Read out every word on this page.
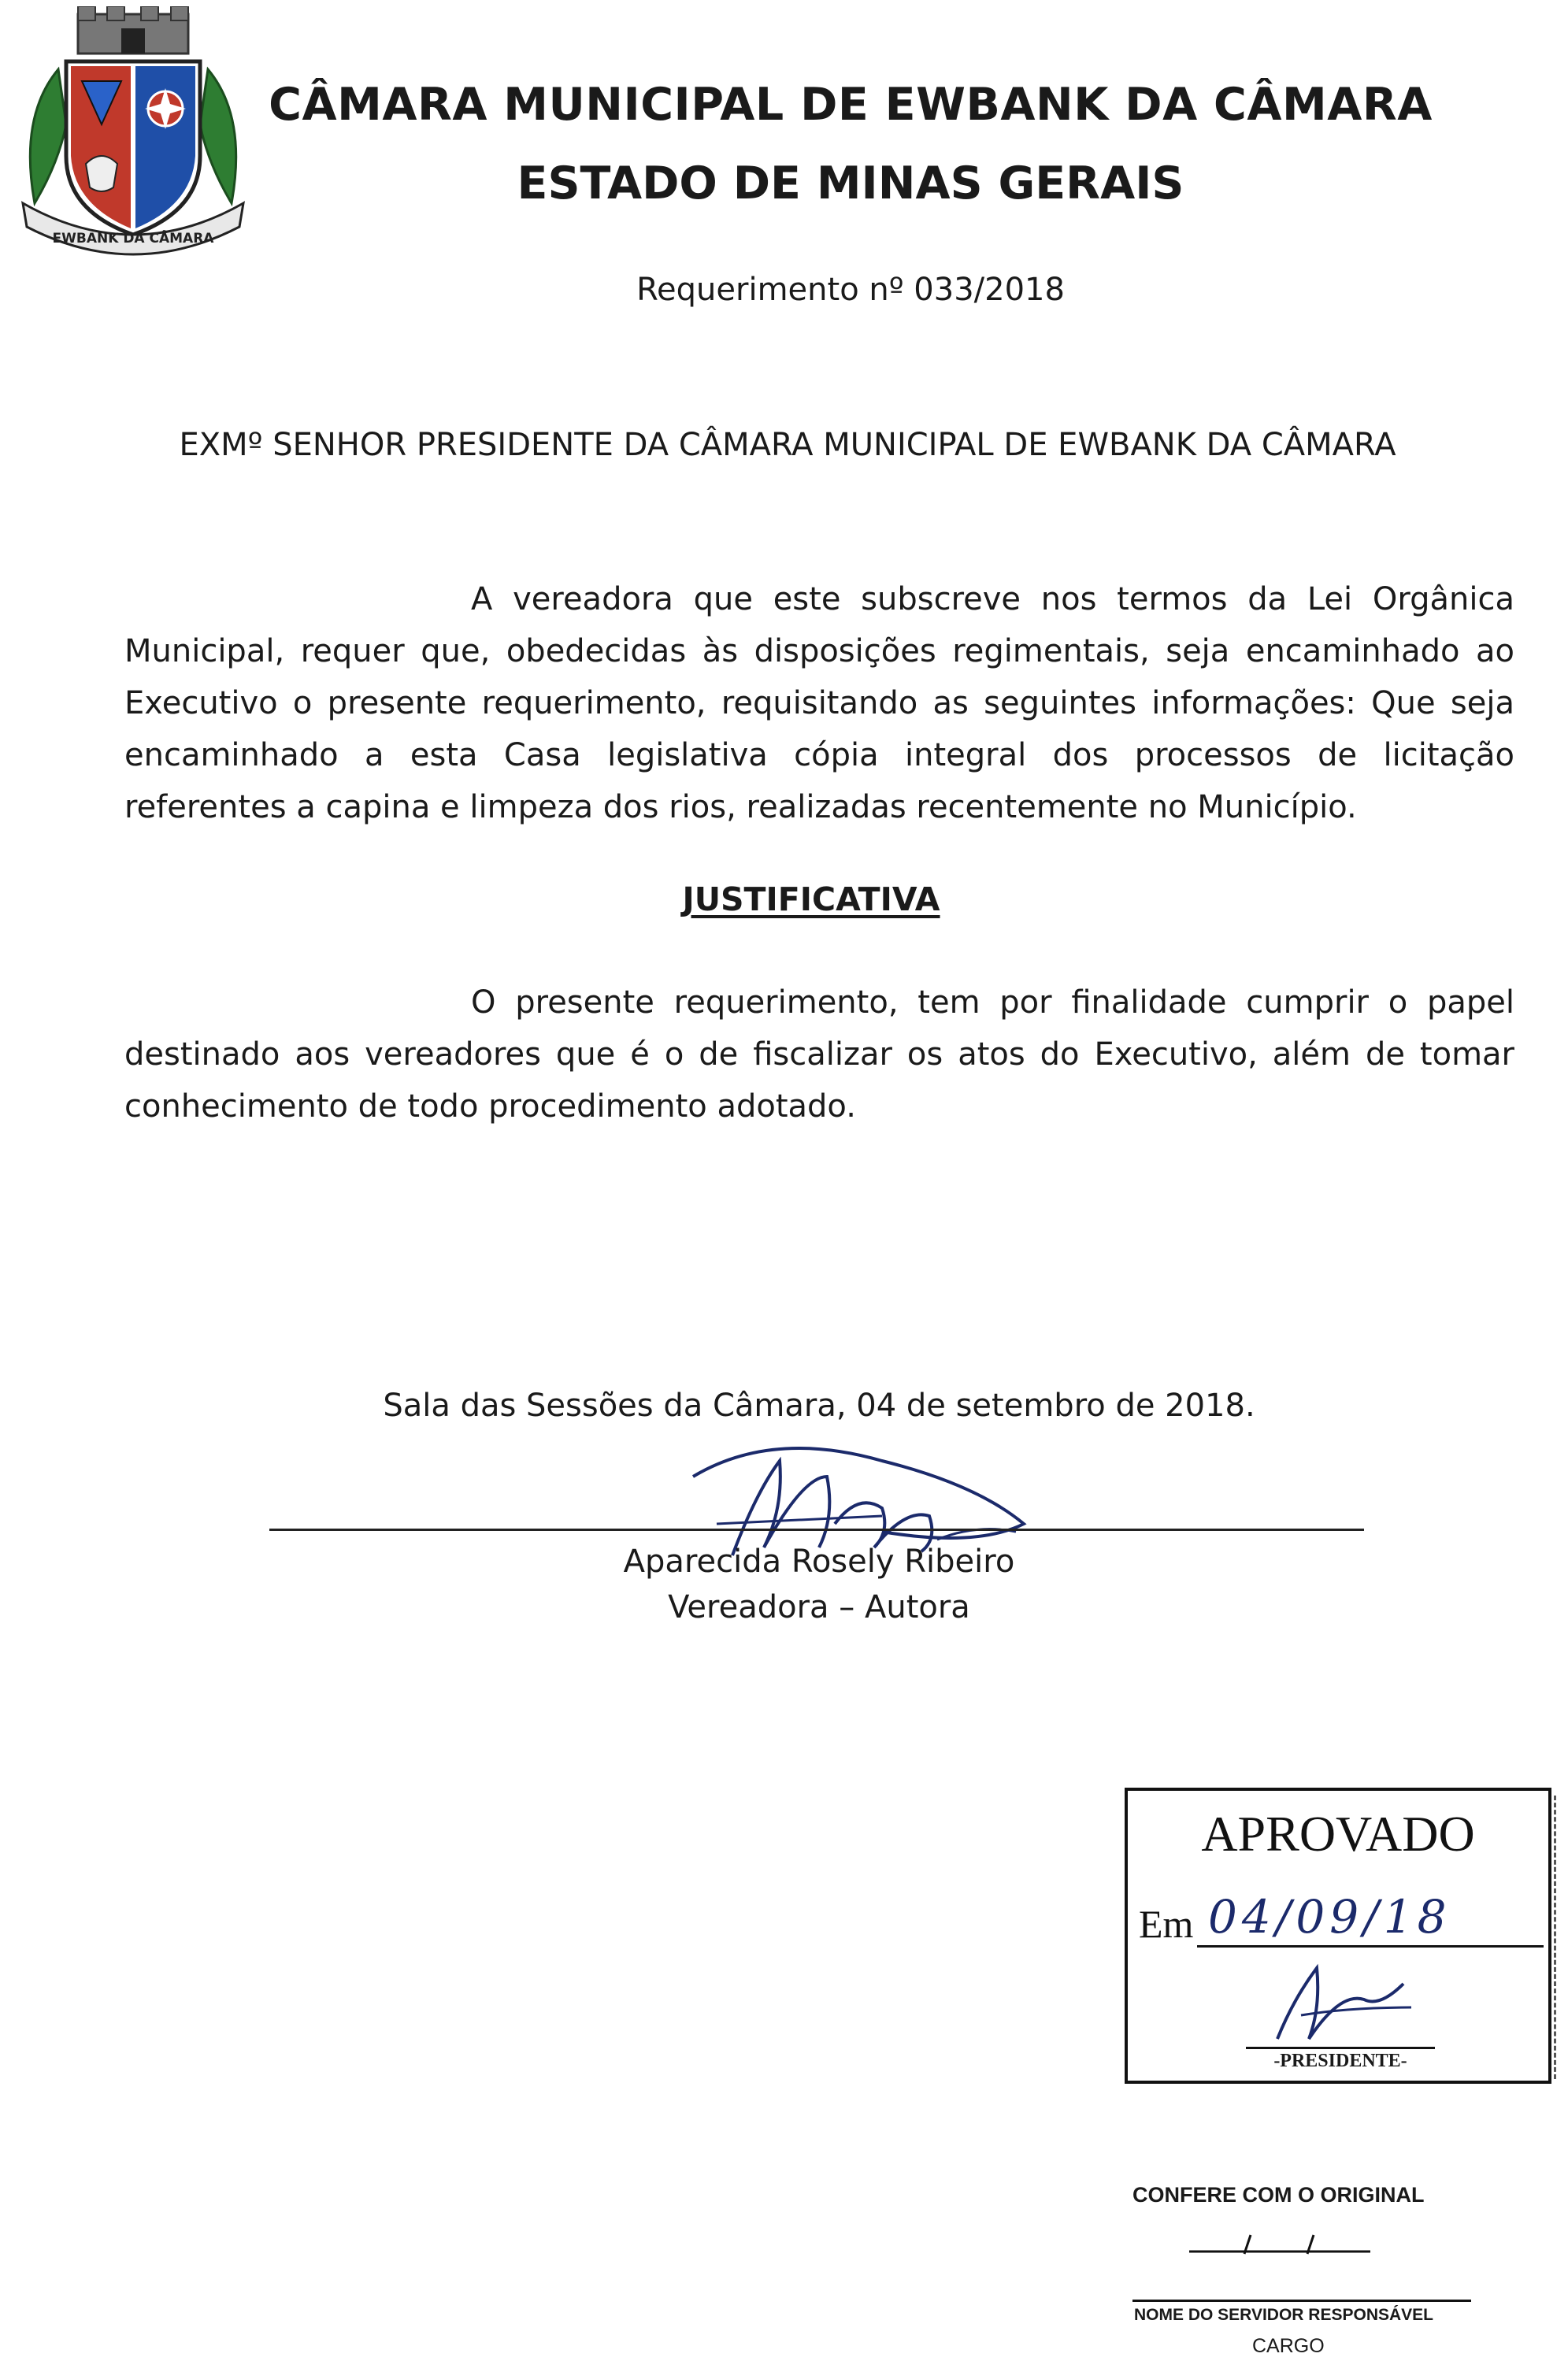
EWBANK DA CÂMARA
CÂMARA MUNICIPAL DE EWBANK DA CÂMARA
ESTADO DE MINAS GERAIS
Requerimento nº 033/2018
EXMº SENHOR PRESIDENTE DA CÂMARA MUNICIPAL DE EWBANK DA CÂMARA
A vereadora que este subscreve nos termos da Lei Orgânica Municipal, requer que, obedecidas às disposições regimentais, seja encaminhado ao Executivo o presente requerimento, requisitando as seguintes informações: Que seja encaminhado a esta Casa legislativa cópia integral dos processos de licitação referentes a capina e limpeza dos rios, realizadas recentemente no Município.
JUSTIFICATIVA
O presente requerimento, tem por finalidade cumprir o papel destinado aos vereadores que é o de fiscalizar os atos do Executivo, além de tomar conhecimento de todo procedimento adotado.
Sala das Sessões da Câmara, 04 de setembro de 2018.
Aparecida Rosely Ribeiro
Vereadora – Autora
APROVADO
Em 04/09/18
-PRESIDENTE-
CONFERE COM O ORIGINAL
NOME DO SERVIDOR RESPONSÁVEL
CARGO
